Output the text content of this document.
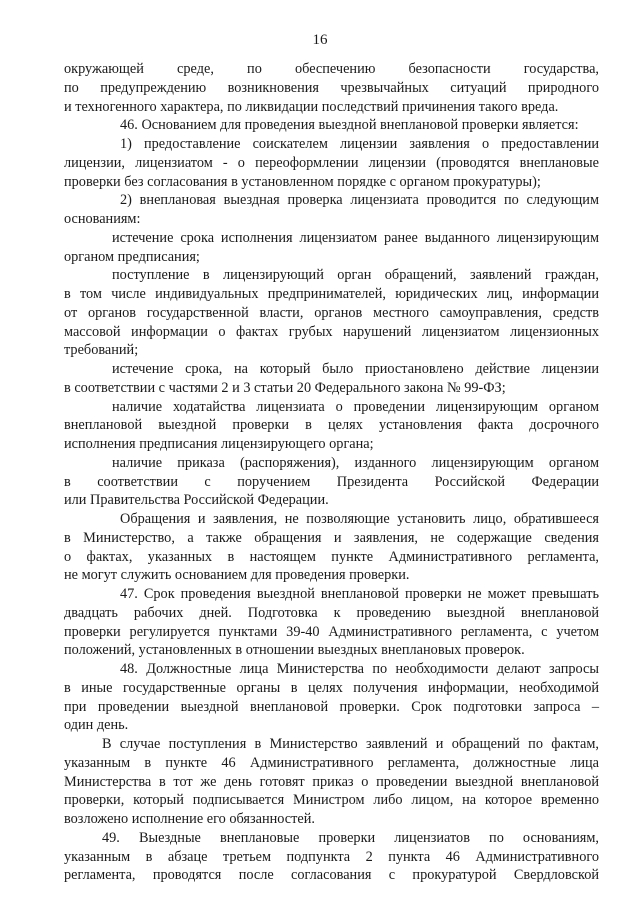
16
окружающей среде, по обеспечению безопасности государства,
по предупреждению возникновения чрезвычайных ситуаций природного
и техногенного характера, по ликвидации последствий причинения такого вреда.
46. Основанием для проведения выездной внеплановой проверки является:
1) предоставление соискателем лицензии заявления о предоставлении
лицензии, лицензиатом - о переоформлении лицензии (проводятся внеплановые
проверки без согласования в установленном порядке с органом прокуратуры);
2) внеплановая выездная проверка лицензиата проводится по следующим
основаниям:
истечение срока исполнения лицензиатом ранее выданного лицензирующим
органом предписания;
поступление в лицензирующий орган обращений, заявлений граждан,
в том числе индивидуальных предпринимателей, юридических лиц, информации
от органов государственной власти, органов местного самоуправления, средств
массовой информации о фактах грубых нарушений лицензиатом лицензионных
требований;
истечение срока, на который было приостановлено действие лицензии
в соответствии с частями 2 и 3 статьи 20 Федерального закона № 99-ФЗ;
наличие ходатайства лицензиата о проведении лицензирующим органом
внеплановой выездной проверки в целях установления факта досрочного
исполнения предписания лицензирующего органа;
наличие приказа (распоряжения), изданного лицензирующим органом
в соответствии с поручением Президента Российской Федерации
или Правительства Российской Федерации.
Обращения и заявления, не позволяющие установить лицо, обратившееся
в Министерство, а также обращения и заявления, не содержащие сведения
о фактах, указанных в настоящем пункте Административного регламента,
не могут служить основанием для проведения проверки.
47. Срок проведения выездной внеплановой проверки не может превышать
двадцать рабочих дней. Подготовка к проведению выездной внеплановой
проверки регулируется пунктами 39-40 Административного регламента, с учетом
положений, установленных в отношении выездных внеплановых проверок.
48. Должностные лица Министерства по необходимости делают запросы
в иные государственные органы в целях получения информации, необходимой
при проведении выездной внеплановой проверки. Срок подготовки запроса –
один день.
В случае поступления в Министерство заявлений и обращений по фактам,
указанным в пункте 46 Административного регламента, должностные лица
Министерства в тот же день готовят приказ о проведении выездной внеплановой
проверки, который подписывается Министром либо лицом, на которое временно
возложено исполнение его обязанностей.
49. Выездные внеплановые проверки лицензиатов по основаниям,
указанным в абзаце третьем подпункта 2 пункта 46 Административного
регламента, проводятся после согласования с прокуратурой Свердловской
